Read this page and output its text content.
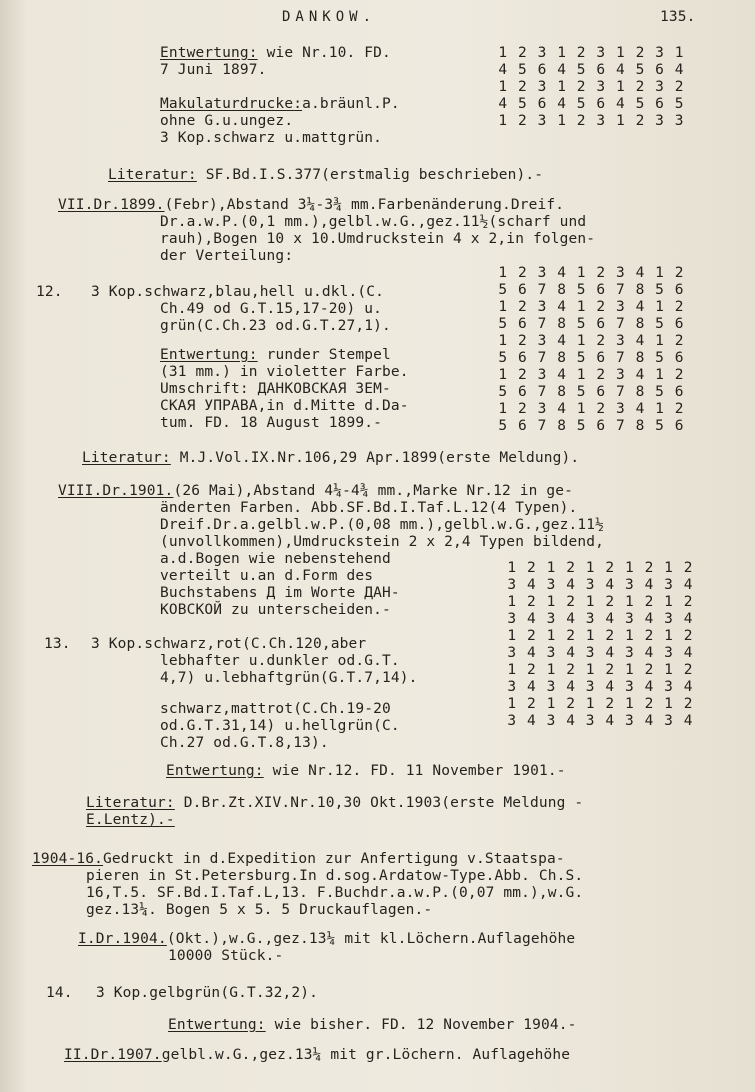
DANKOW.	135.

Entwertung: wie Nr.10. FD.

7 Juni 1897.

Makulaturdrucke:a.bräunl.P.

ohne G.u.ungez.

3 Kop.schwarz u.mattgrün.

1 2 3 1 2 3 1 2 3 1
4 5 6 4 5 6 4 5 6 4
1 2 3 1 2 3 1 2 3 2
4 5 6 4 5 6 4 5 6 5
1 2 3 1 2 3 1 2 3 3

Literatur: SF.Bd.I.S.377(erstmalig beschrieben).-

VII.Dr.1899.(Febr),Abstand 3¼-3¾ mm.Farbenänderung.Dreif.

Dr.a.w.P.(0,1 mm.),gelbl.w.G.,gez.11½(scharf und

rauh),Bogen 10 x 10.Umdruckstein 4 x 2,in folgen-

der Verteilung:

1 2 3 4 1 2 3 4 1 2
5 6 7 8 5 6 7 8 5 6
1 2 3 4 1 2 3 4 1 2
5 6 7 8 5 6 7 8 5 6
1 2 3 4 1 2 3 4 1 2
5 6 7 8 5 6 7 8 5 6
1 2 3 4 1 2 3 4 1 2
5 6 7 8 5 6 7 8 5 6
1 2 3 4 1 2 3 4 1 2
5 6 7 8 5 6 7 8 5 6

12. 3 Kop.schwarz,blau,hell u.dkl.(C.

Ch.49 od G.T.15,17-20) u.

grün(C.Ch.23 od.G.T.27,1).

Entwertung: runder Stempel

(31 mm.) in violetter Farbe.

Umschrift: ДАНКОВСКАЯ ЗЕМ-

СКАЯ УПРАВА,in d.Mitte d.Da-

tum. FD. 18 August 1899.-

Literatur: M.J.Vol.IX.Nr.106,29 Apr.1899(erste Meldung).

VIII.Dr.1901.(26 Mai),Abstand 4¼-4¾ mm.,Marke Nr.12 in ge-

änderten Farben. Abb.SF.Bd.I.Taf.L.12(4 Typen).

Dreif.Dr.a.gelbl.w.P.(0,08 mm.),gelbl.w.G.,gez.11½

(unvollkommen),Umdruckstein 2 x 2,4 Typen bildend,

a.d.Bogen wie nebenstehend

verteilt u.an d.Form des

Buchstabens Д im Worte ДАН-

КОВСКОЙ zu unterscheiden.-

1 2 1 2 1 2 1 2 1 2
3 4 3 4 3 4 3 4 3 4
1 2 1 2 1 2 1 2 1 2
3 4 3 4 3 4 3 4 3 4
1 2 1 2 1 2 1 2 1 2
3 4 3 4 3 4 3 4 3 4
1 2 1 2 1 2 1 2 1 2
3 4 3 4 3 4 3 4 3 4
1 2 1 2 1 2 1 2 1 2
3 4 3 4 3 4 3 4 3 4

13. 3 Kop.schwarz,rot(C.Ch.120,aber

lebhafter u.dunkler od.G.T.

4,7) u.lebhaftgrün(G.T.7,14).

schwarz,mattrot(C.Ch.19-20

od.G.T.31,14) u.hellgrün(C.

Ch.27 od.G.T.8,13).

Entwertung: wie Nr.12. FD. 11 November 1901.-

Literatur: D.Br.Zt.XIV.Nr.10,30 Okt.1903(erste Meldung -

E.Lentz).-

1904-16.Gedruckt in d.Expedition zur Anfertigung v.Staatspa-

pieren in St.Petersburg.In d.sog.Ardatow-Type.Abb. Ch.S.

16,T.5. SF.Bd.I.Taf.L,13. F.Buchdr.a.w.P.(0,07 mm.),w.G.

gez.13¼. Bogen 5 x 5. 5 Druckauflagen.-

I.Dr.1904.(Okt.),w.G.,gez.13¼ mit kl.Löchern.Auflagehöhe

10000 Stück.-

14. 3 Kop.gelbgrün(G.T.32,2).

Entwertung: wie bisher. FD. 12 November 1904.-

II.Dr.1907.gelbl.w.G.,gez.13¼ mit gr.Löchern. Auflagehöhe
